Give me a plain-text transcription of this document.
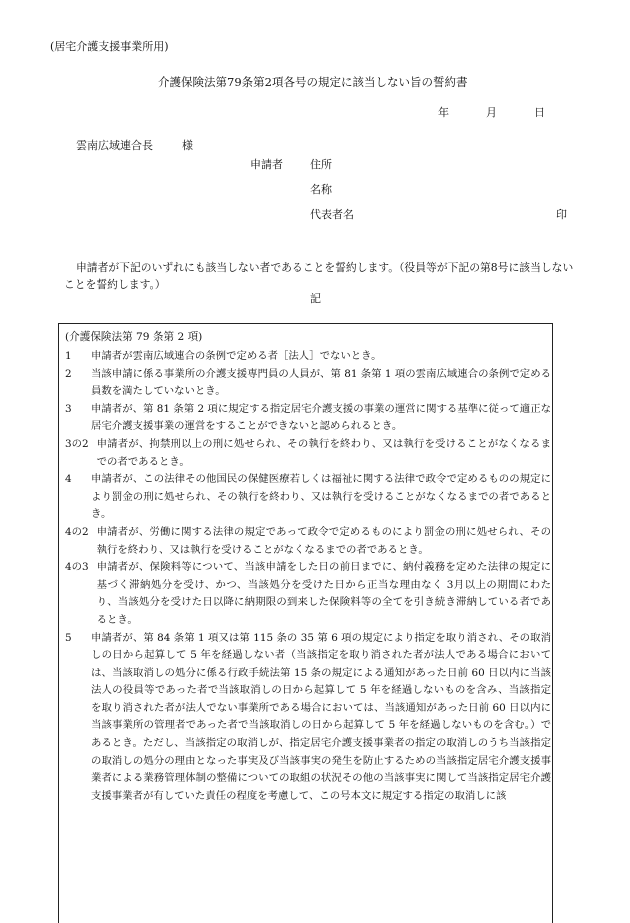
(居宅介護支援事業所用)
介護保険法第79条第2項各号の規定に該当しない旨の誓約書
年	月	日
雲南広域連合長	様
申請者 住所
名称
代表者名	印
申請者が下記のいずれにも該当しない者であることを誓約します。（役員等が下記の第8号に該当しないことを誓約します。）
記
(介護保険法第 79 条第 2 項)
1	申請者が雲南広域連合の条例で定める者［法人］でないとき。
2	当該申請に係る事業所の介護支援専門員の人員が、第 81 条第 1 項の雲南広域連合の条例で定める員数を満たしていないとき。
3	申請者が、第 81 条第 2 項に規定する指定居宅介護支援の事業の運営に関する基準に従って適正な居宅介護支援事業の運営をすることができないと認められるとき。
3の2 申請者が、拘禁刑以上の刑に処せられ、その執行を終わり、又は執行を受けることがなくなるまでの者であるとき。
4	申請者が、この法律その他国民の保健医療若しくは福祉に関する法律で政令で定めるものの規定により罰金の刑に処せられ、その執行を終わり、又は執行を受けることがなくなるまでの者であるとき。
4の2 申請者が、労働に関する法律の規定であって政令で定めるものにより罰金の刑に処せられ、その執行を終わり、又は執行を受けることがなくなるまでの者であるとき。
4の3 申請者が、保険料等について、当該申請をした日の前日までに、納付義務を定めた法律の規定に基づく滞納処分を受け、かつ、当該処分を受けた日から正当な理由なく 3月以上の期間にわたり、当該処分を受けた日以降に納期限の到来した保険料等の全てを引き続き滞納している者であるとき。
5	申請者が、第 84 条第 1 項又は第 115 条の 35 第 6 項の規定により指定を取り消され、その取消しの日から起算して 5 年を経過しない者（当該指定を取り消された者が法人である場合においては、当該取消しの処分に係る行政手続法第 15 条の規定による通知があった日前 60 日以内に当該法人の役員等であった者で当該取消しの日から起算して 5 年を経過しないものを含み、当該指定を取り消された者が法人でない事業所である場合においては、当該通知があった日前 60 日以内に当該事業所の管理者であった者で当該取消しの日から起算して 5 年を経過しないものを含む。）であるとき。ただし、当該指定の取消しが、指定居宅介護支援事業者の指定の取消しのうち当該指定の取消しの処分の理由となった事実及び当該事実の発生を防止するための当該指定居宅介護支援事業者による業務管理体制の整備についての取組の状況その他の当該事実に関して当該指定居宅介護支援事業者が有していた責任の程度を考慮して、この号本文に規定する指定の取消しに該
